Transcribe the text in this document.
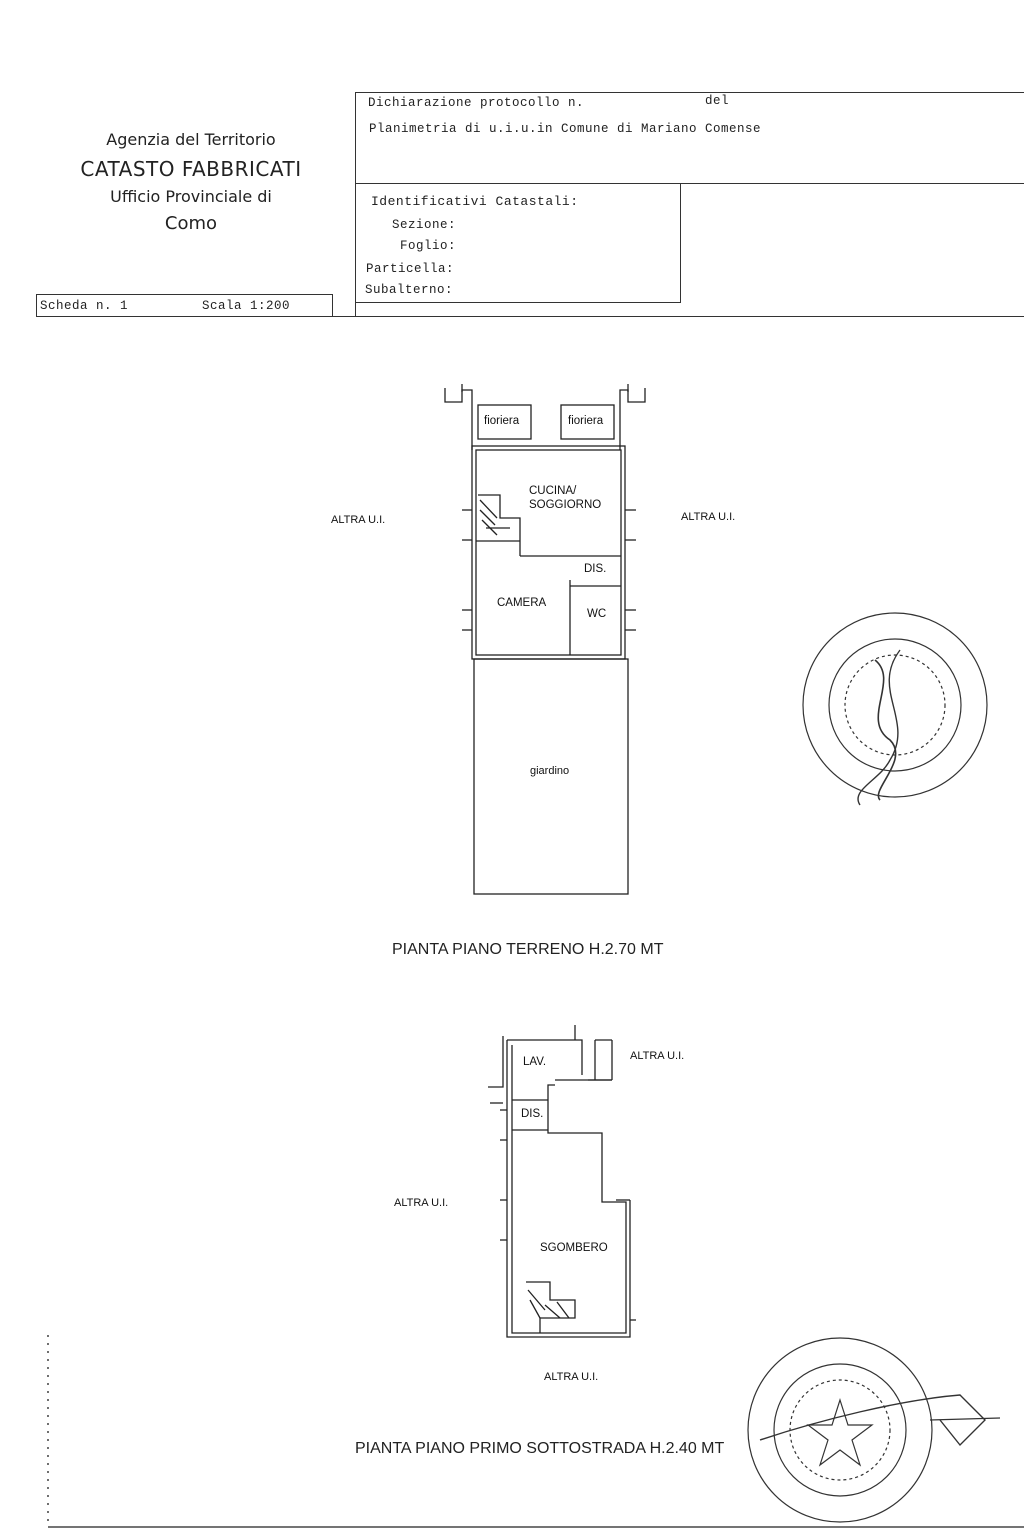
Agenzia del Territorio
CATASTO FABBRICATI
Ufficio Provinciale di
Como
Dichiarazione protocollo n.	del
Planimetria di u.i.u.in Comune di Mariano Comense
Identificativi Catastali:
Sezione:
Foglio:
Particella:
Subalterno:
Scheda n. 1	Scala 1:200
fioriera	fioriera
CUCINA/
SOGGIORNO
DIS.
CAMERA
WC
giardino
ALTRA U.I.	ALTRA U.I.
PIANTA PIANO TERRENO H.2.70 MT
LAV.
DIS.
SGOMBERO
ALTRA U.I.
ALTRA U.I.
ALTRA U.I.
PIANTA PIANO PRIMO SOTTOSTRADA H.2.40 MT
